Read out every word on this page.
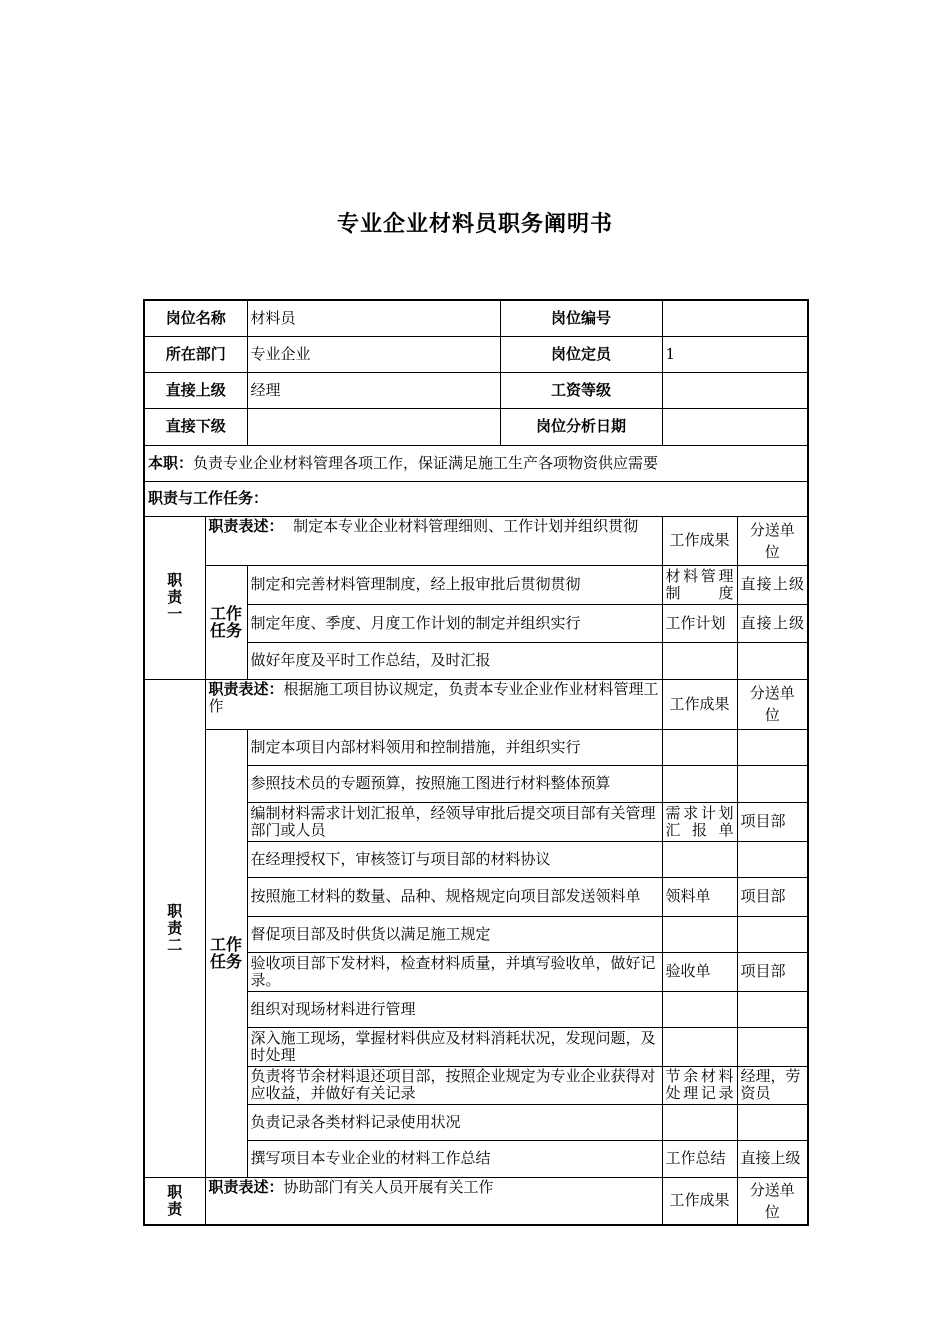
专业企业材料员职务阐明书
岗位名称		材料员	岗位编号		
所在部门		专业企业	岗位定员	1	
直接上级		经理	工资等级		
直接下级			岗位分析日期		
本职：负责专业企业材料管理各项工作，保证满足施工生产各项物资供应需要					
职责与工作任务：					

职责一	职责表述： 制定本专业企业材料管理细则、工作计划并组织贯彻			工作成果	分送单位

	工作任务	制定和完善材料管理制度，经上报审批后贯彻贯彻		材料管理制度	直接上级
		制定年度、季度、月度工作计划的制定并组织实行		工作计划	直接上级
		做好年度及平时工作总结，及时汇报			

职责二	职责表述：根据施工项目协议规定，负责本专业企业作业材料管理工作			工作成果	分送单位

	工作任务	制定本项目内部材料领用和控制措施，并组织实行			
		参照技术员的专题预算，按照施工图进行材料整体预算			
		编制材料需求计划汇报单，经领导审批后提交项目部有关管理部门或人员		需求计划汇报单	项目部
		在经理授权下，审核签订与项目部的材料协议			
		按照施工材料的数量、品种、规格规定向项目部发送领料单		领料单	项目部
		督促项目部及时供货以满足施工规定			
		验收项目部下发材料，检查材料质量，并填写验收单，做好记录。		验收单	项目部
		组织对现场材料进行管理			
		深入施工现场，掌握材料供应及材料消耗状况，发现问题，及时处理			
		负责将节余材料退还项目部，按照企业规定为专业企业获得对应收益，并做好有关记录		节余材料处理记录	经理，劳资员
		负责记录各类材料记录使用状况			
		撰写项目本专业企业的材料工作总结		工作总结	直接上级

职责	职责表述：协助部门有关人员开展有关工作			工作成果	分送单位
